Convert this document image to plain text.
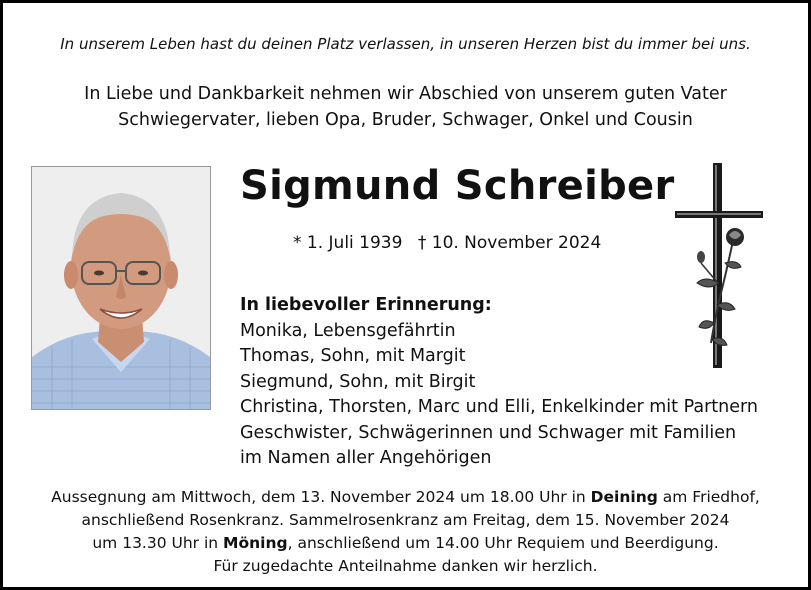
In unserem Leben hast du deinen Platz verlassen, in unseren Herzen bist du immer bei uns.
In Liebe und Dankbarkeit nehmen wir Abschied von unserem guten Vater
Schwiegervater, lieben Opa, Bruder, Schwager, Onkel und Cousin
Sigmund Schreiber
* 1. Juli 1939 † 10. November 2024
In liebevoller Erinnerung:
Monika, Lebensgefährtin
Thomas, Sohn, mit Margit
Siegmund, Sohn, mit Birgit
Christina, Thorsten, Marc und Elli, Enkelkinder mit Partnern
Geschwister, Schwägerinnen und Schwager mit Familien
im Namen aller Angehörigen
Aussegnung am Mittwoch, dem 13. November 2024 um 18.00 Uhr in Deining am Friedhof,
anschließend Rosenkranz. Sammelrosenkranz am Freitag, dem 15. November 2024
um 13.30 Uhr in Möning, anschließend um 14.00 Uhr Requiem und Beerdigung.
Für zugedachte Anteilnahme danken wir herzlich.
